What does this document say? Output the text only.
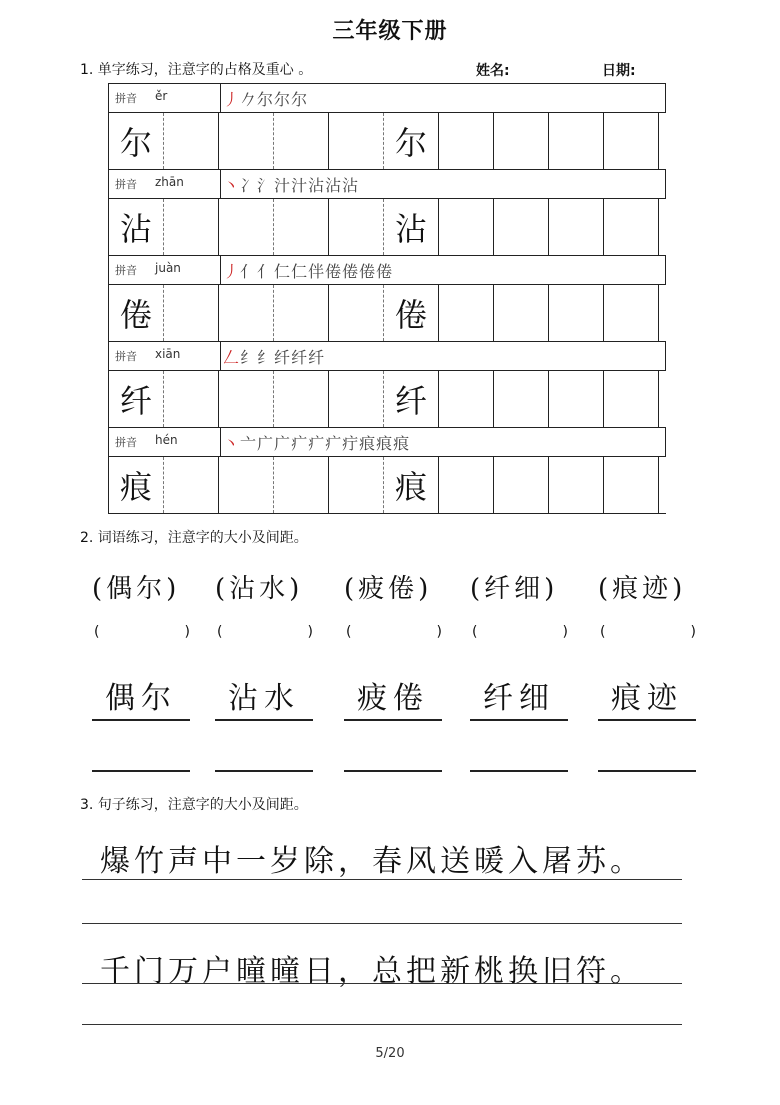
三年级下册
1. 单字练习，注意字的占格及重心 。	姓名:	日期:
拼音 ěr	丿𠂊尔尔尔
尔	尔
拼音 zhān 丶冫氵汁汁沾沾沾
沾	沾
拼音 juàn	丿亻亻仁仁伴倦倦倦倦
倦	倦
拼音 xiān	𠃋纟纟纤纤纤
纤	纤
拼音 hén	丶亠广广疒疒疒疔痕痕痕
痕	痕
2. 词语练习，注意字的大小及间距。
(偶尔)
(	)
偶尔
(沾水)
(	)
沾水
(疲倦)
(	)
疲倦
(纤细)
(	)
纤细
(痕迹)
(	)
痕迹
3. 句子练习，注意字的大小及间距。
爆竹声中一岁除，春风送暖入屠苏。
千门万户曈曈日，总把新桃换旧符。
5/20
